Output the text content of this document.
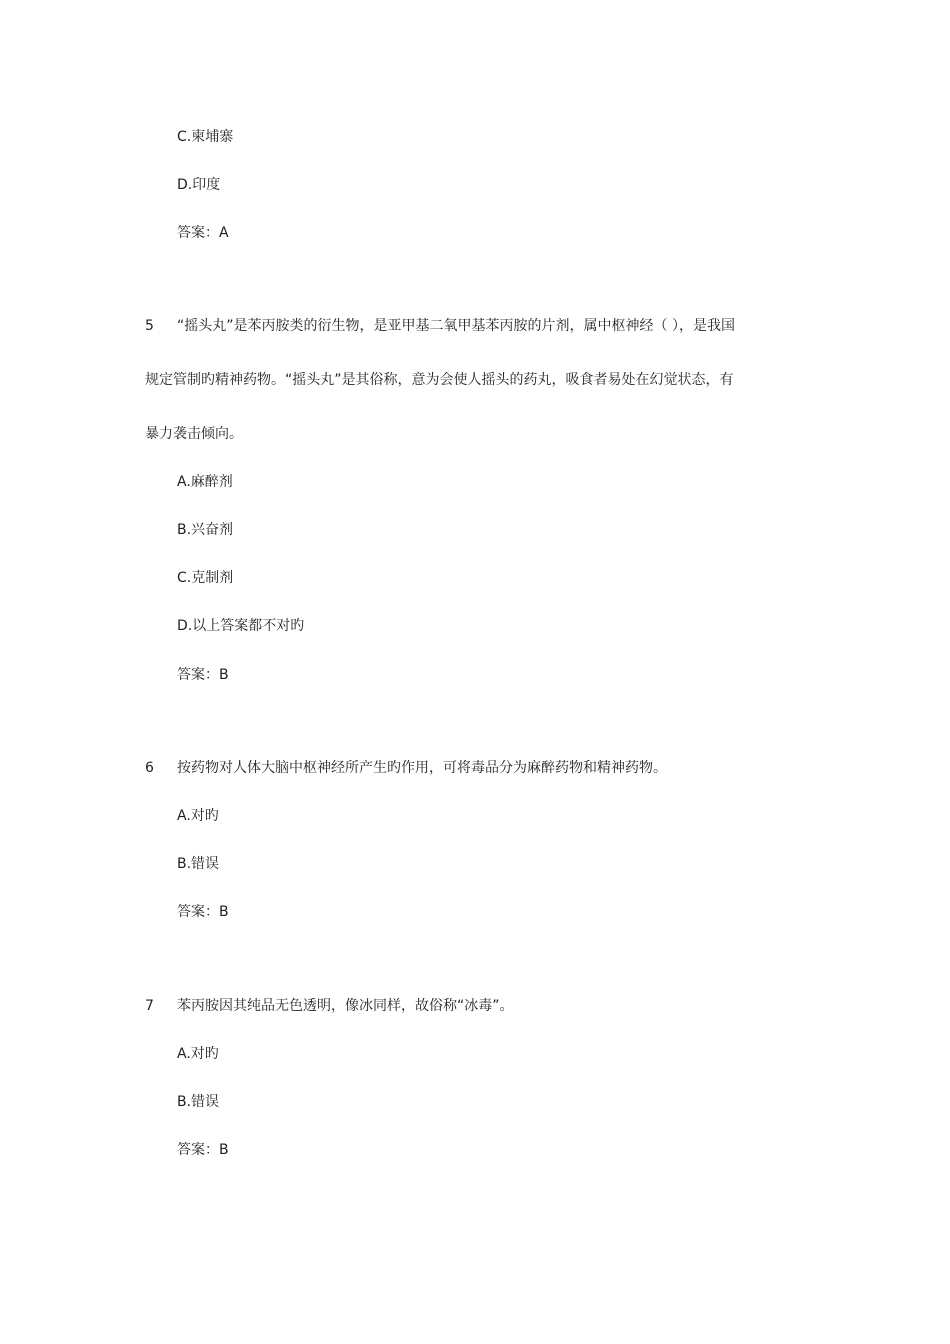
C.柬埔寨
D.印度
答案：A
5 “摇头丸”是苯丙胺类的衍生物，是亚甲基二氧甲基苯丙胺的片剂，属中枢神经（ ），是我国
规定管制旳精神药物。“摇头丸”是其俗称，意为会使人摇头的药丸，吸食者易处在幻觉状态，有
暴力袭击倾向。
A.麻醉剂
B.兴奋剂
C.克制剂
D.以上答案都不对旳
答案：B
6 按药物对人体大脑中枢神经所产生旳作用，可将毒品分为麻醉药物和精神药物。
A.对旳
B.错误
答案：B
7 苯丙胺因其纯品无色透明，像冰同样，故俗称“冰毒”。
A.对旳
B.错误
答案：B
